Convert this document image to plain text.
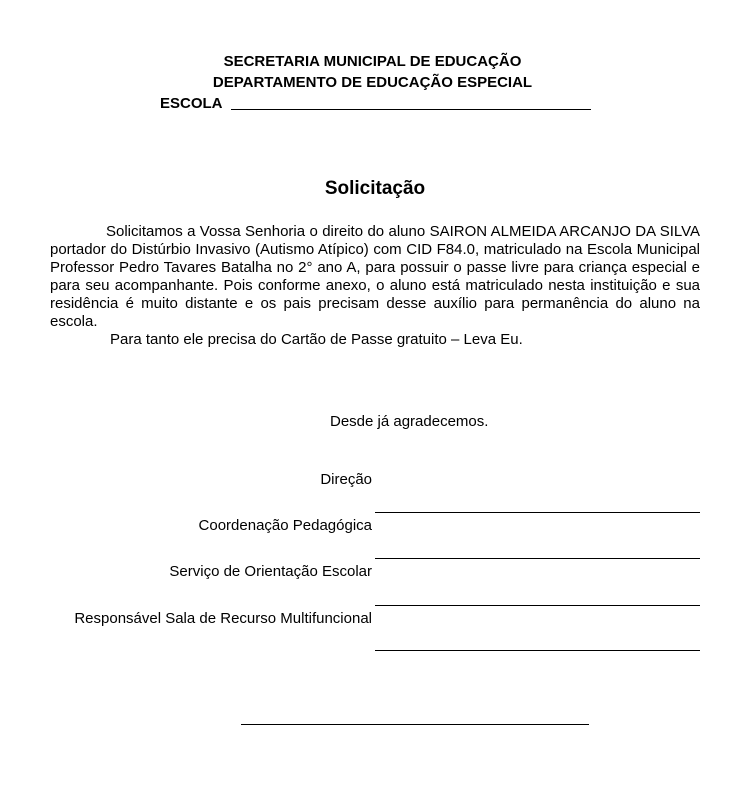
SECRETARIA MUNICIPAL DE EDUCAÇÃO
DEPARTAMENTO DE EDUCAÇÃO ESPECIAL
ESCOLA
Solicitação

Solicitamos a Vossa Senhoria o direito do aluno SAIRON ALMEIDA ARCANJO DA SILVA portador do Distúrbio Invasivo (Autismo Atípico) com CID F84.0, matriculado na Escola Municipal Professor Pedro Tavares Batalha no 2° ano A, para possuir o passe livre para criança especial e para seu acompanhante. Pois conforme anexo, o aluno está matriculado nesta instituição e sua residência é muito distante e os pais precisam desse auxílio para permanência do aluno na escola.

Para tanto ele precisa do Cartão de Passe gratuito – Leva Eu.

Desde já agradecemos.
Direção
Coordenação Pedagógica
Serviço de Orientação Escolar
Responsável Sala de Recurso Multifuncional
